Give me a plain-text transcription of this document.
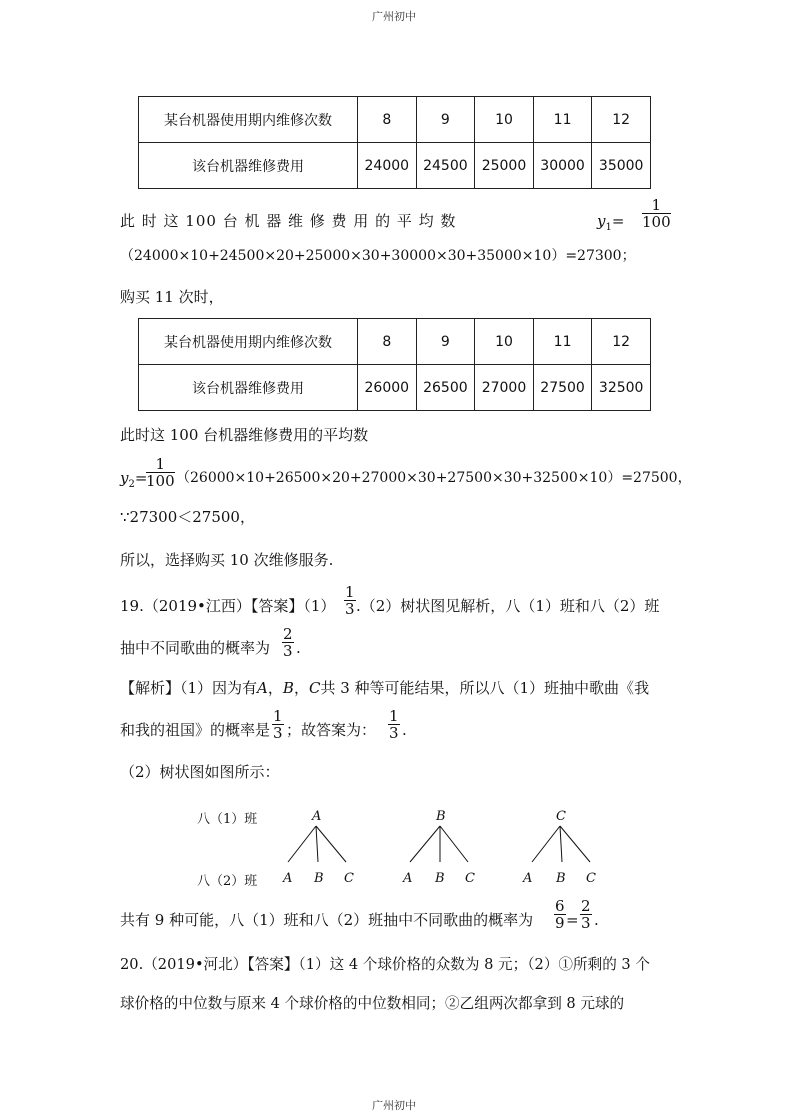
广州初中
广州初中
某台机器使用期内维修次数	8	9	10	11	12
该台机器维修费用	24000	24500	25000	30000	35000
此 时 这 100 台 机 器 维 修 费 用 的 平 均 数	$y_1= \frac{1}{100}$
（24000×10+24500×20+25000×30+30000×30+35000×10）=27300；
购买 11 次时，
某台机器使用期内维修次数	8	9	10	11	12
该台机器维修费用	26000	26500	27000	27500	32500
此时这 100 台机器维修费用的平均数
$y_2=$
$\frac{1}{100} (26000\times 10+26500\times 20+27000\times 30+27500\times 30+32500\times 10)=27500$，
∵27300＜27500，
所以，选择购买 10 次维修服务.
19.（2019•江西）【答案】$(1) \frac{1}{3} .(2)$树状图见解析，八（1）班和八（2）班
抽中不同歌曲的概率为 $\frac{2}{3}$ .
【解析】（1）因为有A，B，C共 3 种等可能结果，所以八（1）班抽中歌曲《我
和我的祖国》的概率是 $\frac{1}{3}$ ；故答案为： $\frac{1}{3}$ .
（2）树状图如图所示：
八（1）班
八（2）班
A	B	C
A B C	A B C	A B C
共有 9 种可能，八（1）班和八（2）班抽中不同歌曲的概率为 $\frac{6}{9} = \frac{2}{3}$ .
20.（2019•河北）【答案】（1）这 4 个球价格的众数为 8 元；（2）①所剩的 3 个
球价格的中位数与原来 4 个球价格的中位数相同；②乙组两次都拿到 8 元球的
